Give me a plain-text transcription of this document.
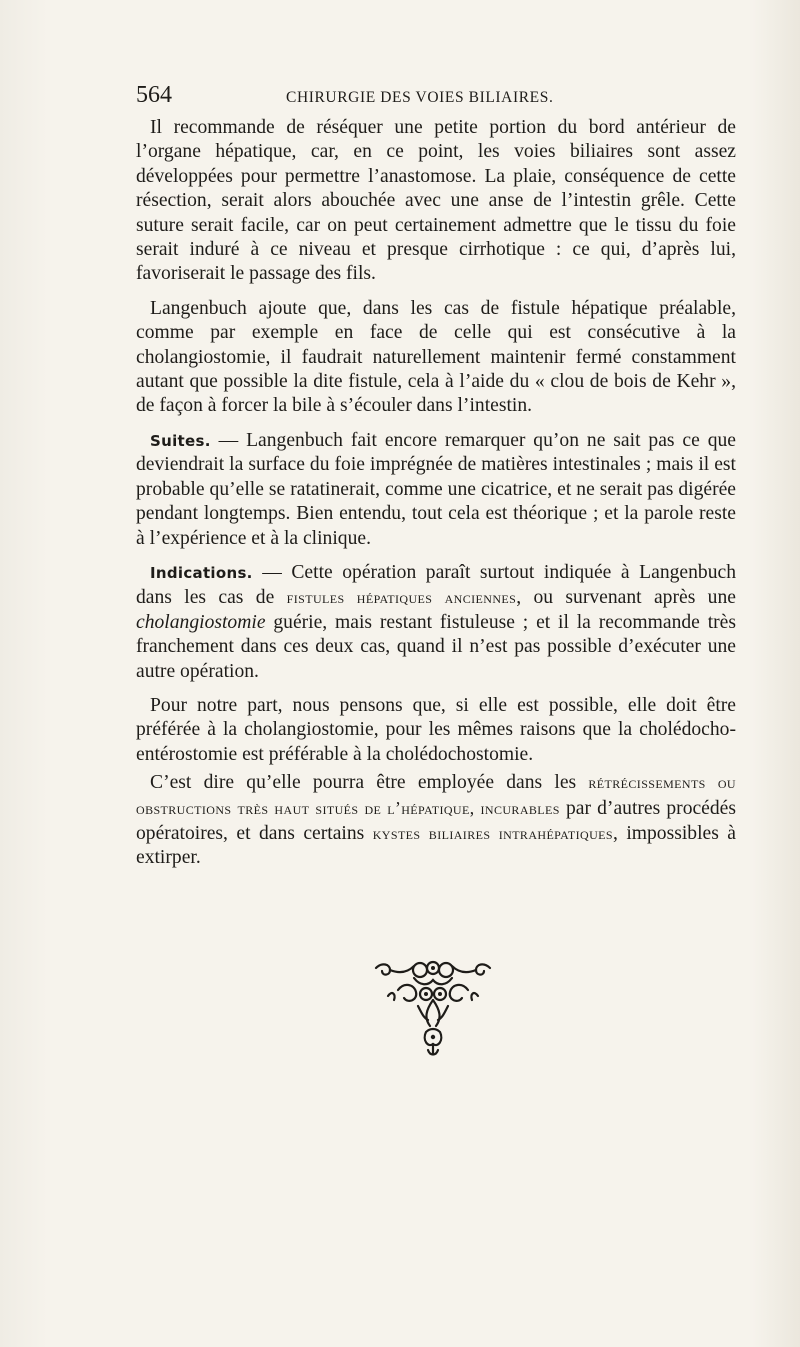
564	CHIRURGIE DES VOIES BILIAIRES.

Il recommande de réséquer une petite portion du bord antérieur de l’organe hépatique, car, en ce point, les voies biliaires sont assez développées pour permettre l’anastomose. La plaie, conséquence de cette résection, serait alors abouchée avec une anse de l’intestin grêle. Cette suture serait facile, car on peut certainement admettre que le tissu du foie serait induré à ce niveau et presque cirrhotique : ce qui, d’après lui, favoriserait le passage des fils.

Langenbuch ajoute que, dans les cas de fistule hépatique préalable, comme par exemple en face de celle qui est consécutive à la cholangiostomie, il faudrait naturellement maintenir fermé constamment autant que possible la dite fistule, cela à l’aide du « clou de bois de Kehr », de façon à forcer la bile à s’écouler dans l’intestin.

Suites. — Langenbuch fait encore remarquer qu’on ne sait pas ce que deviendrait la surface du foie imprégnée de matières intestinales ; mais il est probable qu’elle se ratatinerait, comme une cicatrice, et ne serait pas digérée pendant longtemps. Bien entendu, tout cela est théorique ; et la parole reste à l’expérience et à la clinique.

Indications. — Cette opération paraît surtout indiquée à Langenbuch dans les cas de fistules hépatiques anciennes, ou survenant après une cholangiostomie guérie, mais restant fistuleuse ; et il la recommande très franchement dans ces deux cas, quand il n’est pas possible d’exécuter une autre opération.

Pour notre part, nous pensons que, si elle est possible, elle doit être préférée à la cholangiostomie, pour les mêmes raisons que la cholédocho-entérostomie est préférable à la cholédochostomie.

C’est dire qu’elle pourra être employée dans les rétrécissements ou obstructions très haut situés de l’hépatique, incurables par d’autres procédés opératoires, et dans certains kystes biliaires intrahépatiques, impossibles à extirper.
